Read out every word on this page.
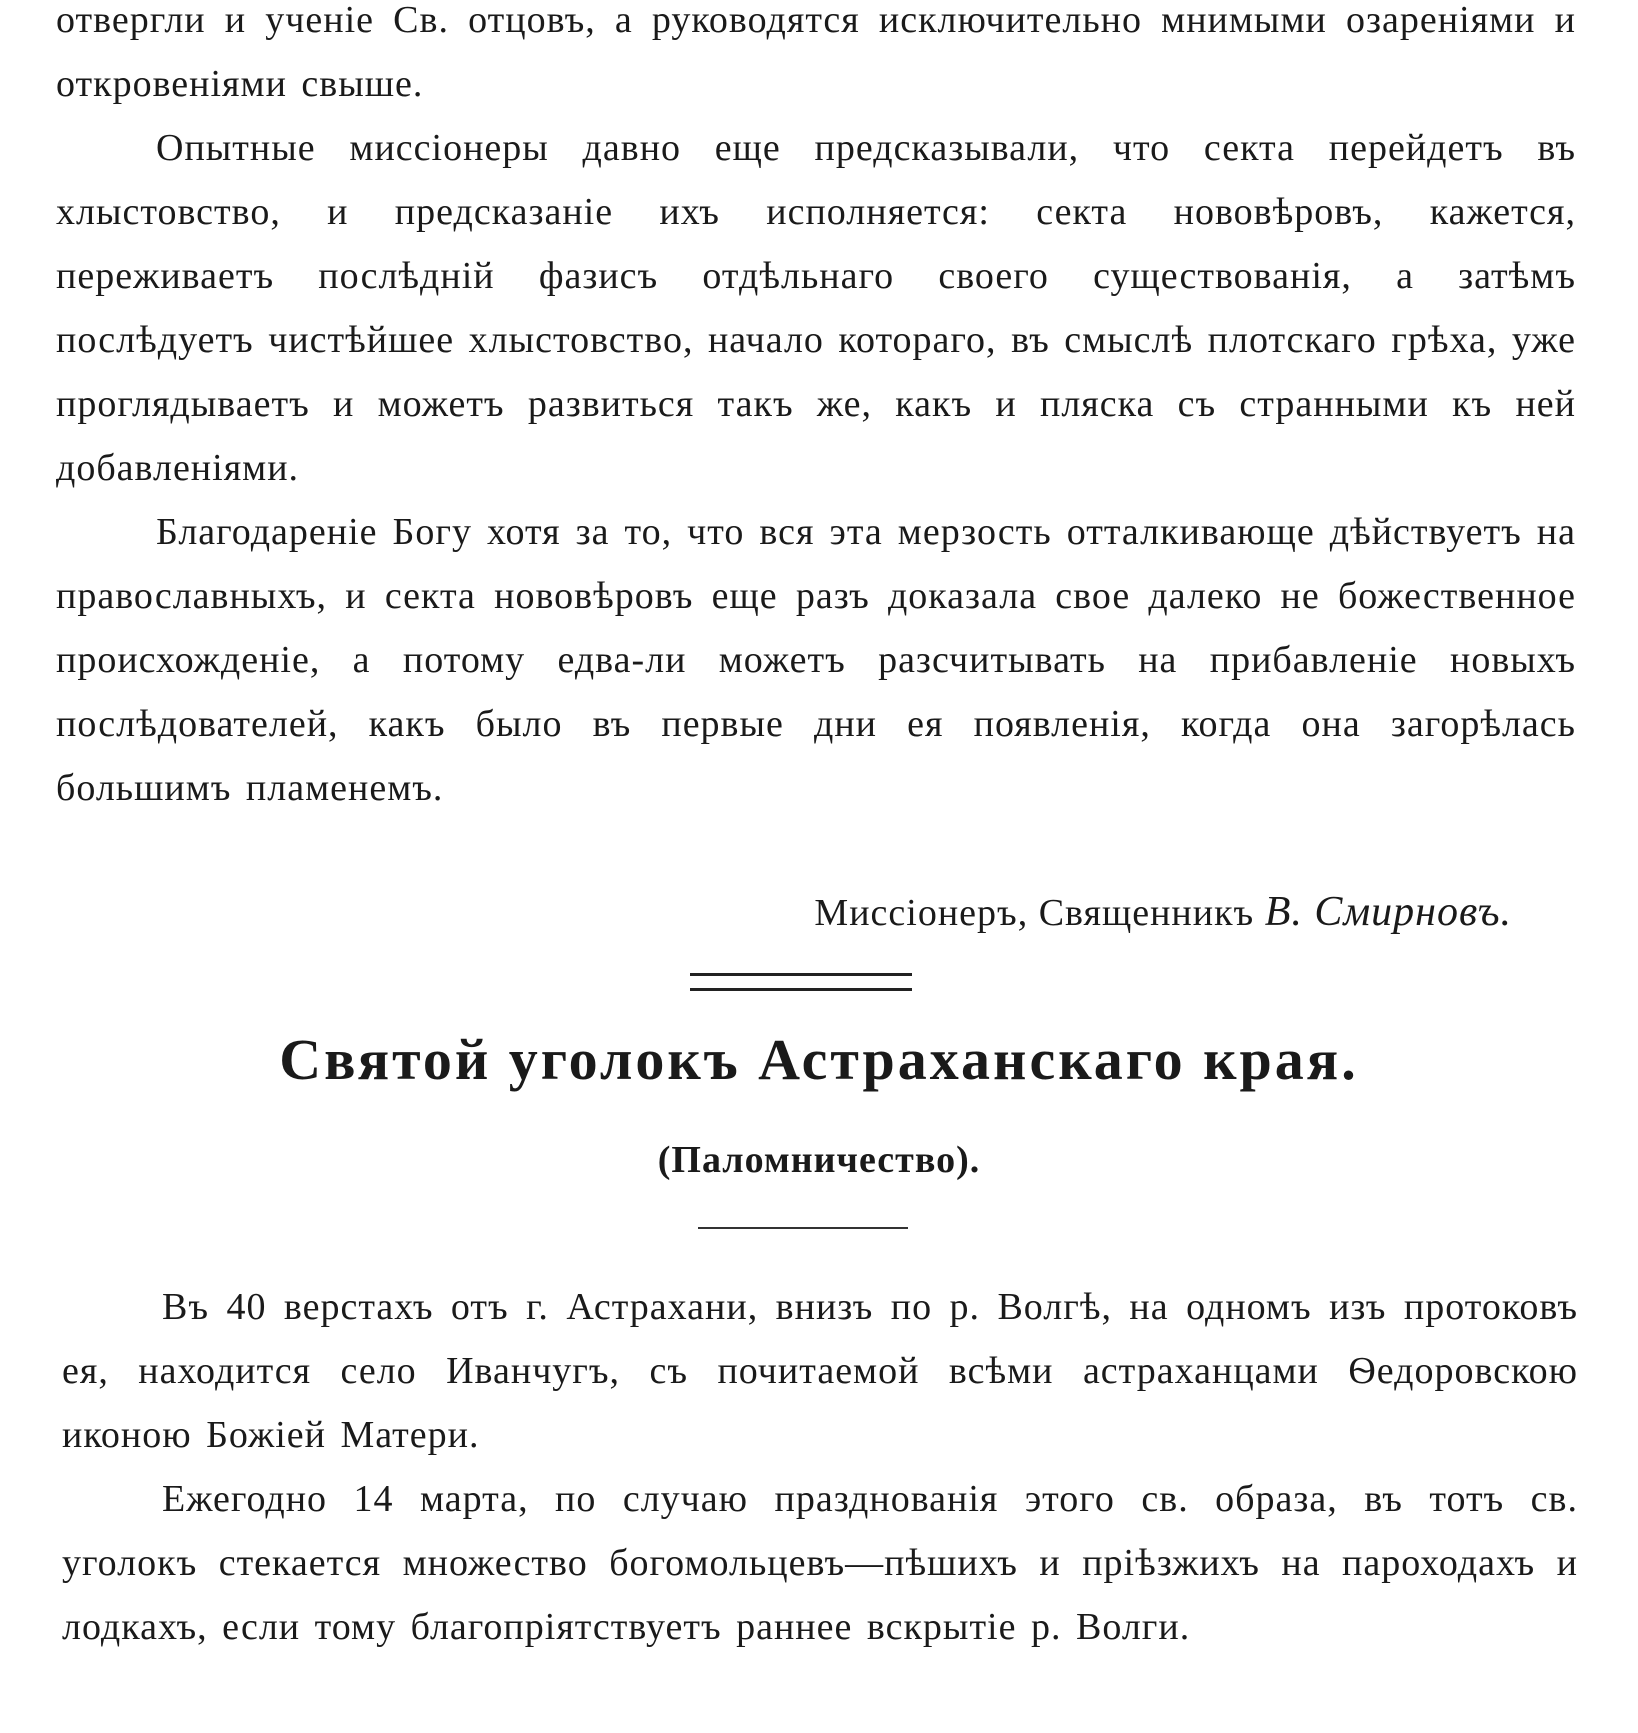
отвергли и ученіе Св. отцовъ, а руководятся исключительно мнимыми озареніями и откровеніями свыше.

Опытные миссіонеры давно еще предсказывали, что секта перейдетъ въ хлыстовство, и предсказаніе ихъ исполняется: секта нововѣровъ, кажется, переживаетъ послѣдній фазисъ отдѣльнаго своего существованія, а затѣмъ послѣдуетъ чистѣйшее хлыстовство, начало котораго, въ смыслѣ плотскаго грѣха, уже проглядываетъ и можетъ развиться такъ же, какъ и пляска съ странными къ ней добавленіями.

Благодареніе Богу хотя за то, что вся эта мерзость отталкивающе дѣйствуетъ на православныхъ, и секта нововѣровъ еще разъ доказала свое далеко не божественное происхожденіе, а потому едва-ли можетъ разсчитывать на прибавленіе новыхъ послѣдователей, какъ было въ первые дни ея появленія, когда она загорѣлась большимъ пламенемъ.

Миссіонеръ, Священникъ В. Смирновъ.
Святой уголокъ Астраханскаго края.
(Паломничество).

Въ 40 верстахъ отъ г. Астрахани, внизъ по р. Волгѣ, на одномъ изъ протоковъ ея, находится село Иванчугъ, съ почитаемой всѣми астраханцами Ѳедоровскою иконою Божіей Матери.

Ежегодно 14 марта, по случаю празднованія этого св. образа, въ тотъ св. уголокъ стекается множество богомольцевъ—пѣшихъ и пріѣзжихъ на пароходахъ и лодкахъ, если тому благопріятствуетъ раннее вскрытіе р. Волги.
